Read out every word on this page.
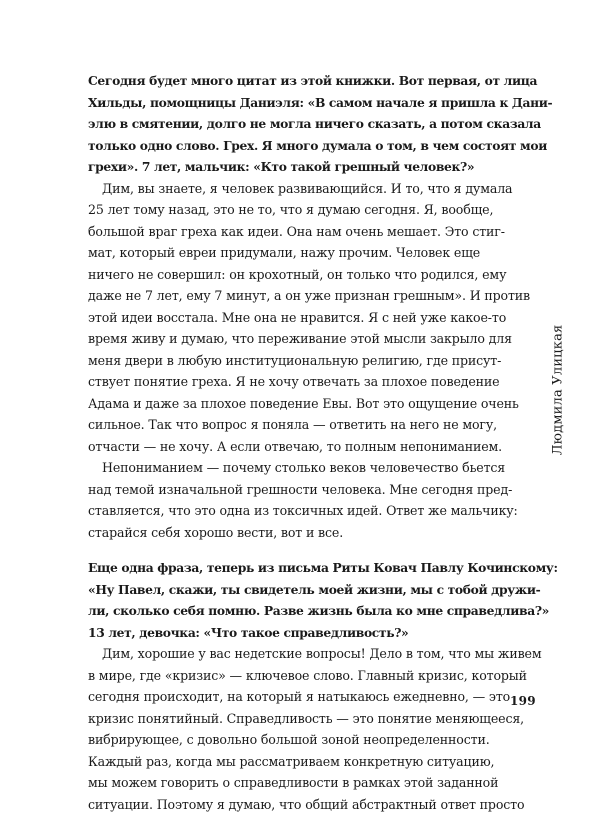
Сегодня будет много цитат из этой книжки. Вот первая, от лица
Хильды, помощницы Даниэля: «В самом начале я пришла к Дани-
элю в смятении, долго не могла ничего сказать, а потом сказала
только одно слово. Грех. Я много думала о том, в чем состоят мои
грехи». 7 лет, мальчик: «Кто такой грешный человек?»
Дим, вы знаете, я человек развивающийся. И то, что я думала
25 лет тому назад, это не то, что я думаю сегодня. Я, вообще,
большой враг греха как идеи. Она нам очень мешает. Это стиг-
мат, который евреи придумали, нажу прочим. Человек еще
ничего не совершил: он крохотный, он только что родился, ему
даже не 7 лет, ему 7 минут, а он уже признан грешным». И против
этой идеи восстала. Мне она не нравится. Я с ней уже какое-то
время живу и думаю, что переживание этой мысли закрыло для
меня двери в любую институциональную религию, где присут-
ствует понятие греха. Я не хочу отвечать за плохое поведение
Адама и даже за плохое поведение Евы. Вот это ощущение очень
сильное. Так что вопрос я поняла — ответить на него не могу,
отчасти — не хочу. А если отвечаю, то полным непониманием.
Непониманием — почему столько веков человечество бьется
над темой изначальной грешности человека. Мне сегодня пред-
ставляется, что это одна из токсичных идей. Ответ же мальчику:
старайся себя хорошо вести, вот и все.
Еще одна фраза, теперь из письма Риты Ковач Павлу Кочинскому:
«Ну Павел, скажи, ты свидетель моей жизни, мы с тобой дружи-
ли, сколько себя помню. Разве жизнь была ко мне справедлива?»
13 лет, девочка: «Что такое справедливость?»
Дим, хорошие у вас недетские вопросы! Дело в том, что мы живем
в мире, где «кризис» — ключевое слово. Главный кризис, который
сегодня происходит, на который я натыкаюсь ежедневно, — это
кризис понятийный. Справедливость — это понятие меняющееся,
вибрирующее, с довольно большой зоной неопределенности.
Каждый раз, когда мы рассматриваем конкретную ситуацию,
мы можем говорить о справедливости в рамках этой заданной
ситуации. Поэтому я думаю, что общий абстрактный ответ просто
Людмила Улицкая
199
